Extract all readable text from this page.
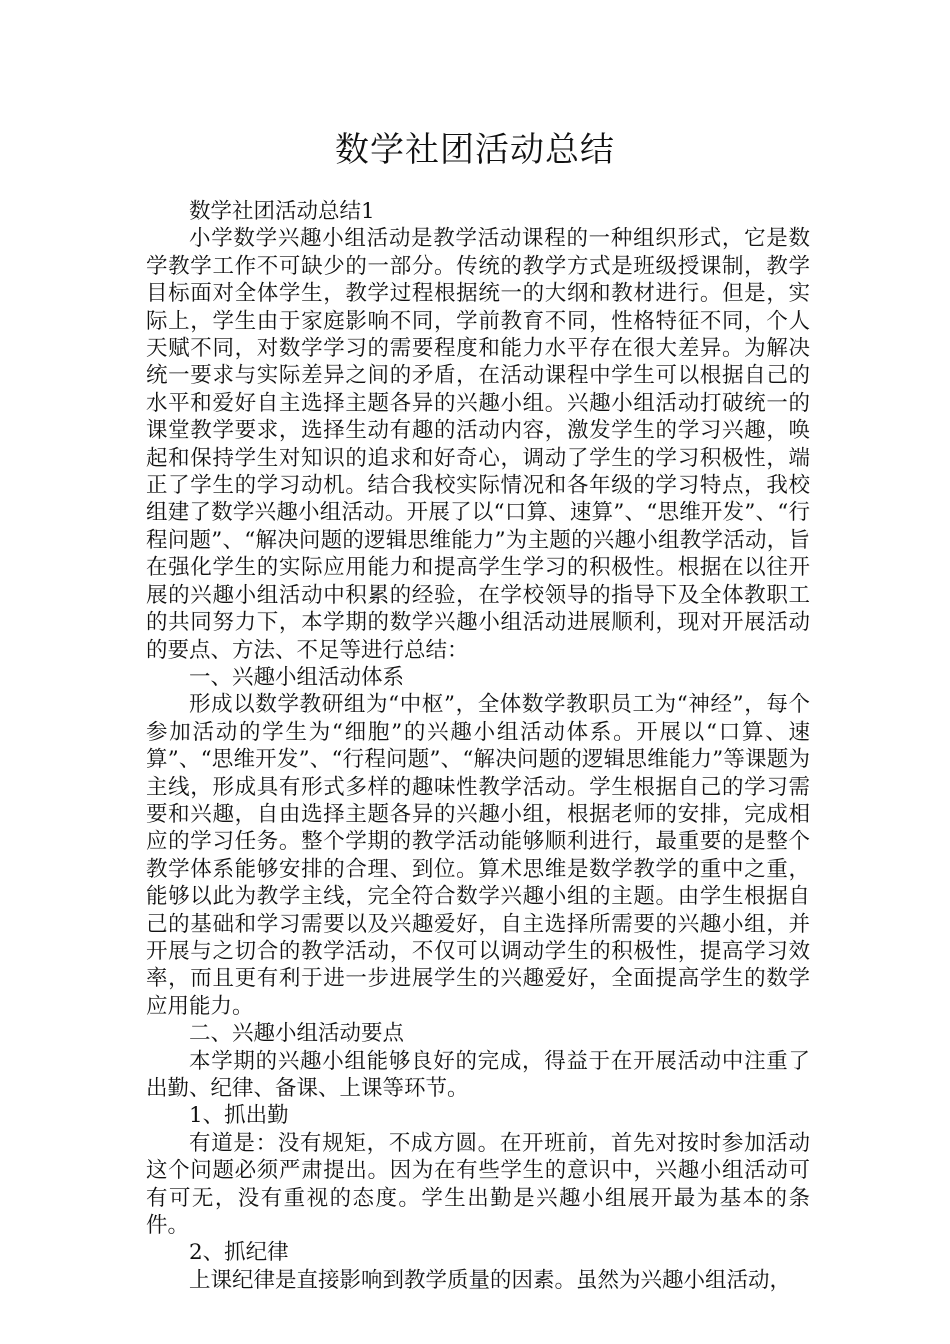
数学社团活动总结

数学社团活动总结1

小学数学兴趣小组活动是教学活动课程的一种组织形式，它是数学教学工作不可缺少的一部分。传统的教学方式是班级授课制，教学目标面对全体学生，教学过程根据统一的大纲和教材进行。但是，实际上，学生由于家庭影响不同，学前教育不同，性格特征不同，个人天赋不同，对数学学习的需要程度和能力水平存在很大差异。为解决统一要求与实际差异之间的矛盾，在活动课程中学生可以根据自己的水平和爱好自主选择主题各异的兴趣小组。兴趣小组活动打破统一的课堂教学要求，选择生动有趣的活动内容，激发学生的学习兴趣，唤起和保持学生对知识的追求和好奇心，调动了学生的学习积极性，端正了学生的学习动机。结合我校实际情况和各年级的学习特点，我校组建了数学兴趣小组活动。开展了以“口算、速算”、“思维开发”、“行程问题”、“解决问题的逻辑思维能力”为主题的兴趣小组教学活动，旨在强化学生的实际应用能力和提高学生学习的积极性。根据在以往开展的兴趣小组活动中积累的经验，在学校领导的指导下及全体教职工的共同努力下，本学期的数学兴趣小组活动进展顺利，现对开展活动的要点、方法、不足等进行总结：

一、兴趣小组活动体系

形成以数学教研组为“中枢”，全体数学教职员工为“神经”，每个参加活动的学生为“细胞”的兴趣小组活动体系。开展以“口算、速算”、“思维开发”、“行程问题”、“解决问题的逻辑思维能力”等课题为主线，形成具有形式多样的趣味性教学活动。学生根据自己的学习需要和兴趣，自由选择主题各异的兴趣小组，根据老师的安排，完成相应的学习任务。整个学期的教学活动能够顺利进行，最重要的是整个教学体系能够安排的合理、到位。算术思维是数学教学的重中之重，能够以此为教学主线，完全符合数学兴趣小组的主题。由学生根据自己的基础和学习需要以及兴趣爱好，自主选择所需要的兴趣小组，并开展与之切合的教学活动，不仅可以调动学生的积极性，提高学习效率，而且更有利于进一步进展学生的兴趣爱好，全面提高学生的数学应用能力。

二、兴趣小组活动要点

本学期的兴趣小组能够良好的完成，得益于在开展活动中注重了出勤、纪律、备课、上课等环节。

1、抓出勤

有道是：没有规矩，不成方圆。在开班前，首先对按时参加活动这个问题必须严肃提出。因为在有些学生的意识中，兴趣小组活动可有可无，没有重视的态度。学生出勤是兴趣小组展开最为基本的条件。

2、抓纪律

上课纪律是直接影响到教学质量的因素。虽然为兴趣小组活动，
